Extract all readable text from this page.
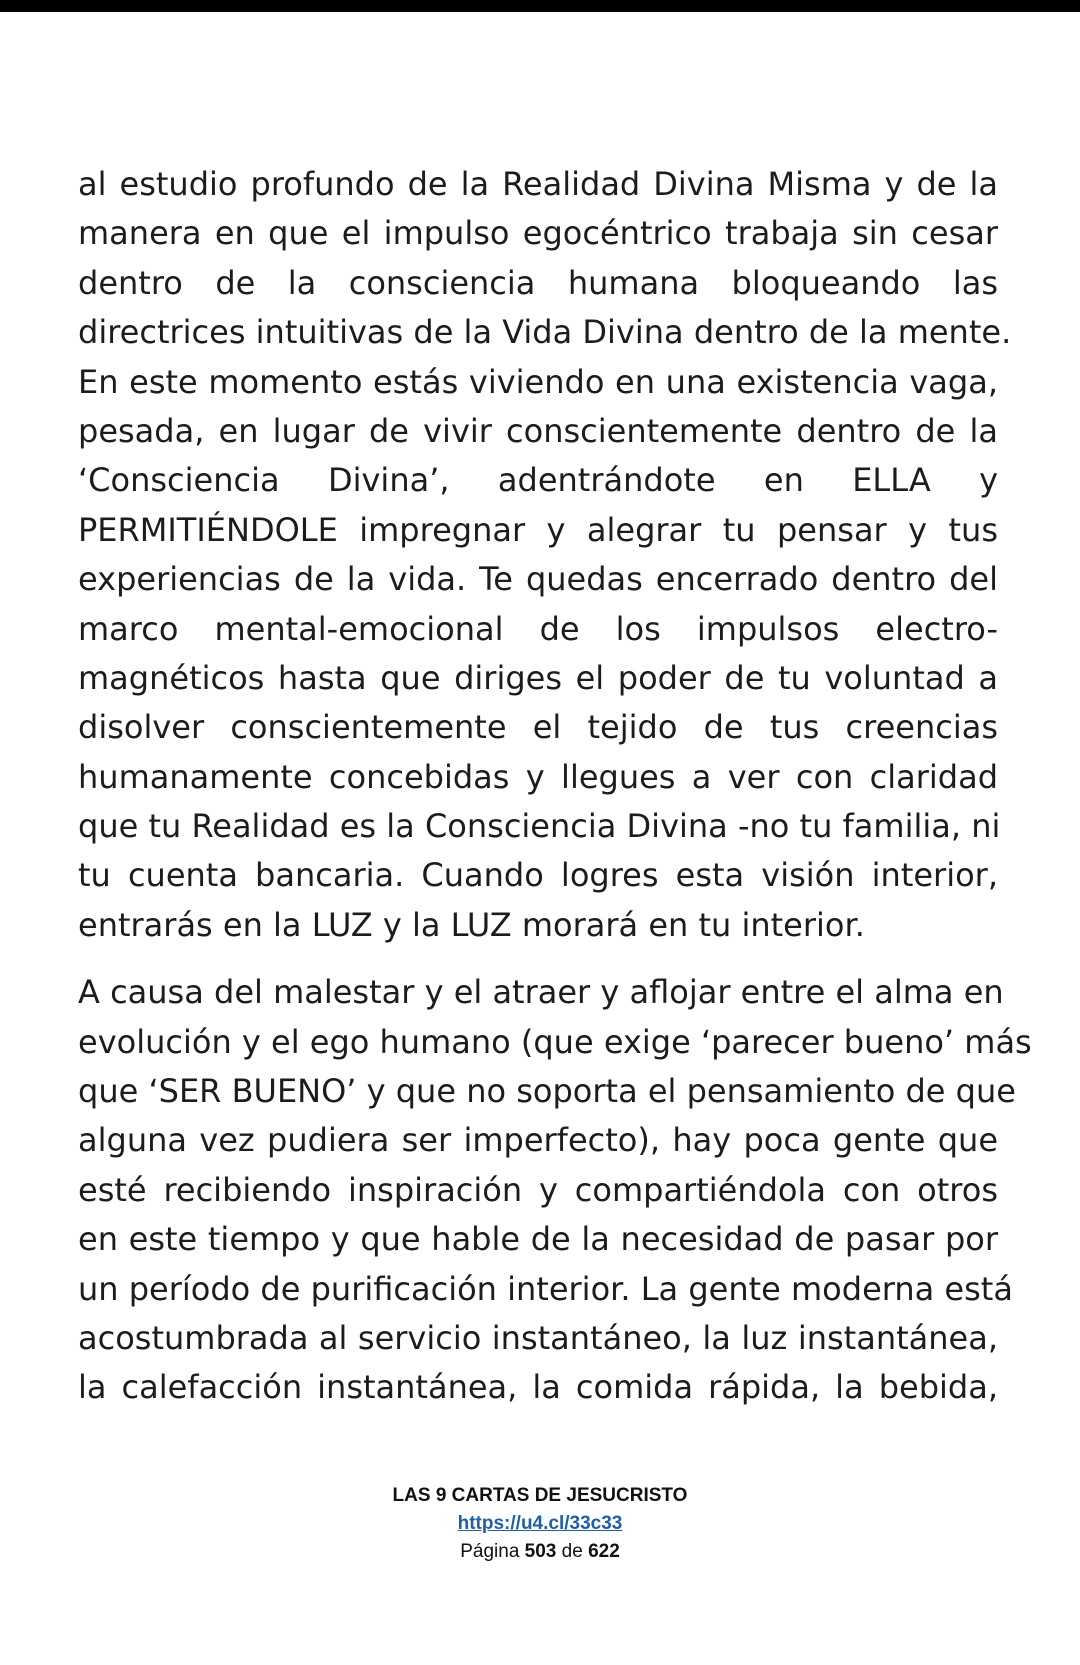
al estudio profundo de la Realidad Divina Misma y de la
manera en que el impulso egocéntrico trabaja sin cesar
dentro de la consciencia humana bloqueando las
directrices intuitivas de la Vida Divina dentro de la mente.
En este momento estás viviendo en una existencia vaga,
pesada, en lugar de vivir conscientemente dentro de la
‘Consciencia Divina’, adentrándote en ELLA y
PERMITIÉNDOLE impregnar y alegrar tu pensar y tus
experiencias de la vida. Te quedas encerrado dentro del
marco mental-emocional de los impulsos electro-
magnéticos hasta que diriges el poder de tu voluntad a
disolver conscientemente el tejido de tus creencias
humanamente concebidas y llegues a ver con claridad
que tu Realidad es la Consciencia Divina -no tu familia, ni
tu cuenta bancaria. Cuando logres esta visión interior,
entrarás en la LUZ y la LUZ morará en tu interior.
A causa del malestar y el atraer y aflojar entre el alma en
evolución y el ego humano (que exige ‘parecer bueno’ más
que ‘SER BUENO’ y que no soporta el pensamiento de que
alguna vez pudiera ser imperfecto), hay poca gente que
esté recibiendo inspiración y compartiéndola con otros
en este tiempo y que hable de la necesidad de pasar por
un período de purificación interior. La gente moderna está
acostumbrada al servicio instantáneo, la luz instantánea,
la calefacción instantánea, la comida rápida, la bebida,
LAS 9 CARTAS DE JESUCRISTO
https://u4.cl/33c33
Página 503 de 622
